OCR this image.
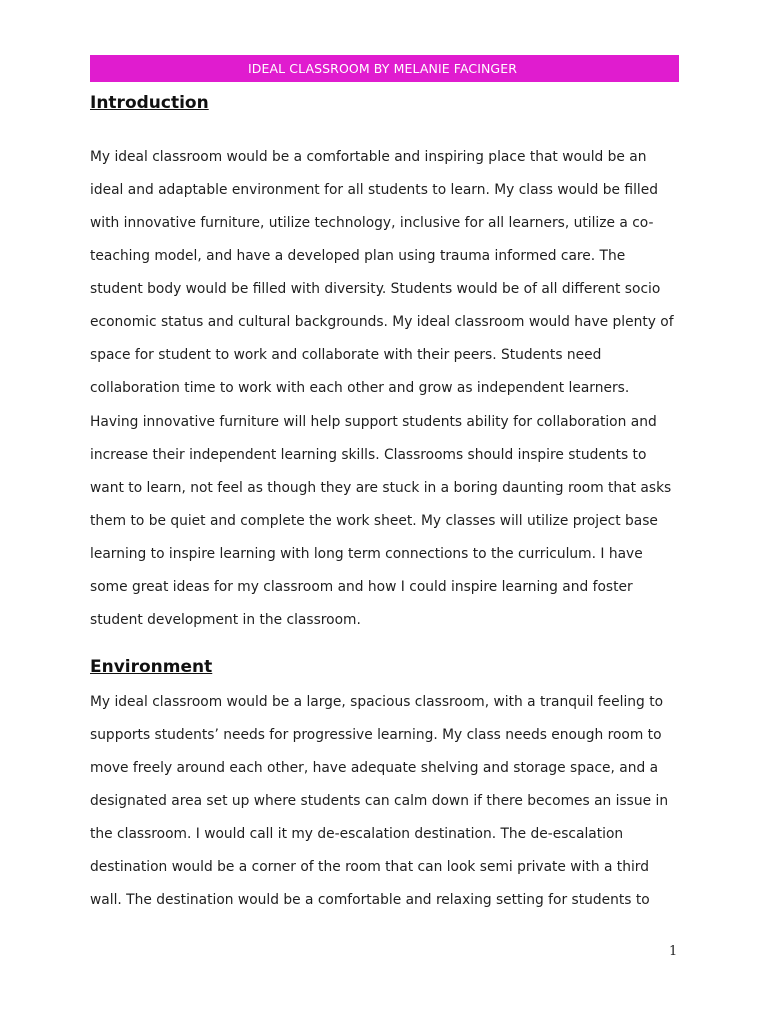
IDEAL CLASSROOM BY MELANIE FACINGER
Introduction
My ideal classroom would be a comfortable and inspiring place that would be an
ideal and adaptable environment for all students to learn. My class would be filled
with innovative furniture, utilize technology, inclusive for all learners, utilize a co-
teaching model, and have a developed plan using trauma informed care. The
student body would be filled with diversity. Students would be of all different socio
economic status and cultural backgrounds. My ideal classroom would have plenty of
space for student to work and collaborate with their peers. Students need
collaboration time to work with each other and grow as independent learners.
Having innovative furniture will help support students ability for collaboration and
increase their independent learning skills. Classrooms should inspire students to
want to learn, not feel as though they are stuck in a boring daunting room that asks
them to be quiet and complete the work sheet. My classes will utilize project base
learning to inspire learning with long term connections to the curriculum. I have
some great ideas for my classroom and how I could inspire learning and foster
student development in the classroom.
Environment
My ideal classroom would be a large, spacious classroom, with a tranquil feeling to
supports students’ needs for progressive learning. My class needs enough room to
move freely around each other, have adequate shelving and storage space, and a
designated area set up where students can calm down if there becomes an issue in
the classroom. I would call it my de-escalation destination. The de-escalation
destination would be a corner of the room that can look semi private with a third
wall. The destination would be a comfortable and relaxing setting for students to
1
